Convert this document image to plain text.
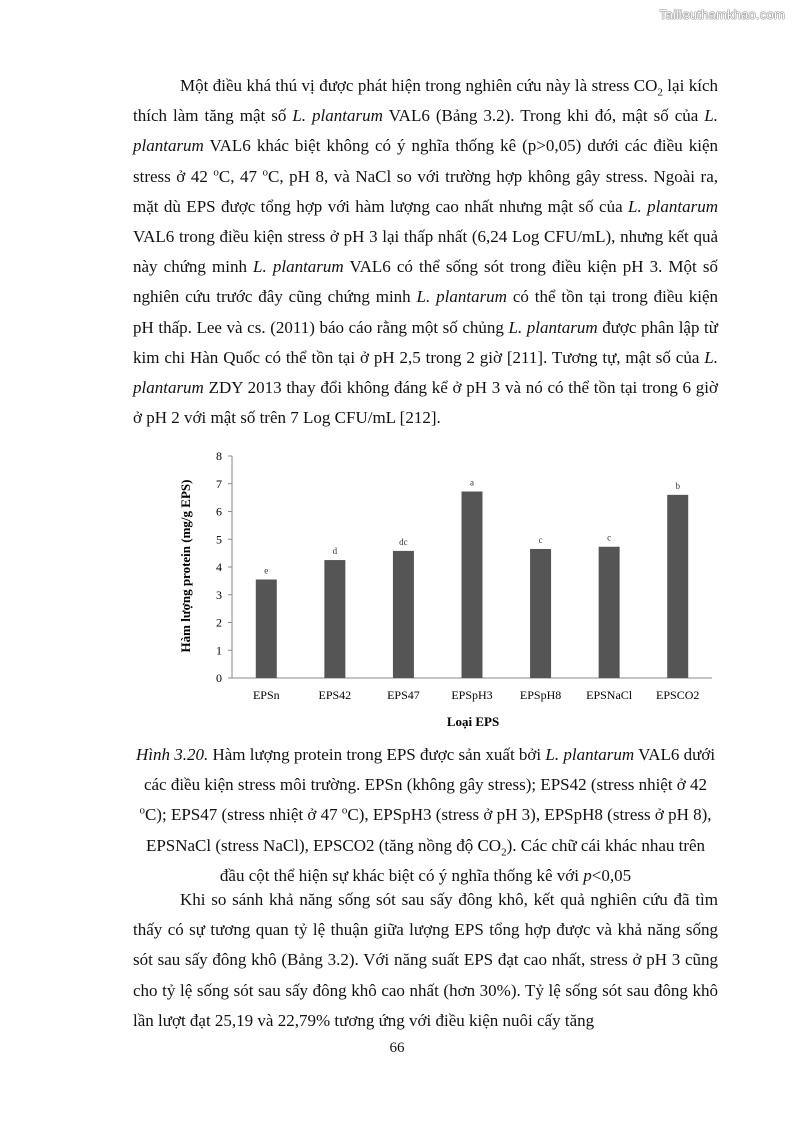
Tailieuthamkhao.com

Một điều khá thú vị được phát hiện trong nghiên cứu này là stress $CO_2$ lại kích thích làm tăng mật số L. plantarum VAL6 (Bảng 3.2). Trong khi đó, mật số của L. plantarum VAL6 khác biệt không có ý nghĩa thống kê (p>0,05) dưới các điều kiện stress ở 42 $^o$C, 47 $^o$C, pH 8, và NaCl so với trường hợp không gây stress. Ngoài ra, mặt dù EPS được tổng hợp với hàm lượng cao nhất nhưng mật số của L. plantarum VAL6 trong điều kiện stress ở pH 3 lại thấp nhất (6,24 Log CFU/mL), nhưng kết quả này chứng minh L. plantarum VAL6 có thể sống sót trong điều kiện pH 3. Một số nghiên cứu trước đây cũng chứng minh L. plantarum có thể tồn tại trong điều kiện pH thấp. Lee và cs. (2011) báo cáo rằng một số chủng L. plantarum được phân lập từ kim chi Hàn Quốc có thể tồn tại ở pH 2,5 trong 2 giờ [211]. Tương tự, mật số của L. plantarum ZDY 2013 thay đổi không đáng kể ở pH 3 và nó có thể tồn tại trong 6 giờ ở pH 2 với mật số trên 7 Log CFU/mL [212].

Hàm lượng protein (mg/g EPS)
Loại EPS
0
1
2
3
4
5
6
7
8
e
d
dc
a
c	c
b
EPSn	EPS42	EPS47	EPSpH3 EPSpH8 EPSNaCl EPSCO2

Hình 3.20. Hàm lượng protein trong EPS được sản xuất bởi L. plantarum VAL6 dưới các điều kiện stress môi trường. EPSn (không gây stress); EPS42 (stress nhiệt ở 42 $^o$C); EPS47 (stress nhiệt ở 47 $^o$C), EPSpH3 (stress ở pH 3), EPSpH8 (stress ở pH 8), EPSNaCl (stress NaCl), EPSCO2 (tăng nồng độ $CO_2$). Các chữ cái khác nhau trên đầu cột thể hiện sự khác biệt có ý nghĩa thống kê với p<0,05

Khi so sánh khả năng sống sót sau sấy đông khô, kết quả nghiên cứu đã tìm thấy có sự tương quan tỷ lệ thuận giữa lượng EPS tổng hợp được và khả năng sống sót sau sấy đông khô (Bảng 3.2). Với năng suất EPS đạt cao nhất, stress ở pH 3 cũng cho tỷ lệ sống sót sau sấy đông khô cao nhất (hơn 30%). Tỷ lệ sống sót sau đông khô lần lượt đạt 25,19 và 22,79% tương ứng với điều kiện nuôi cấy tăng

66
